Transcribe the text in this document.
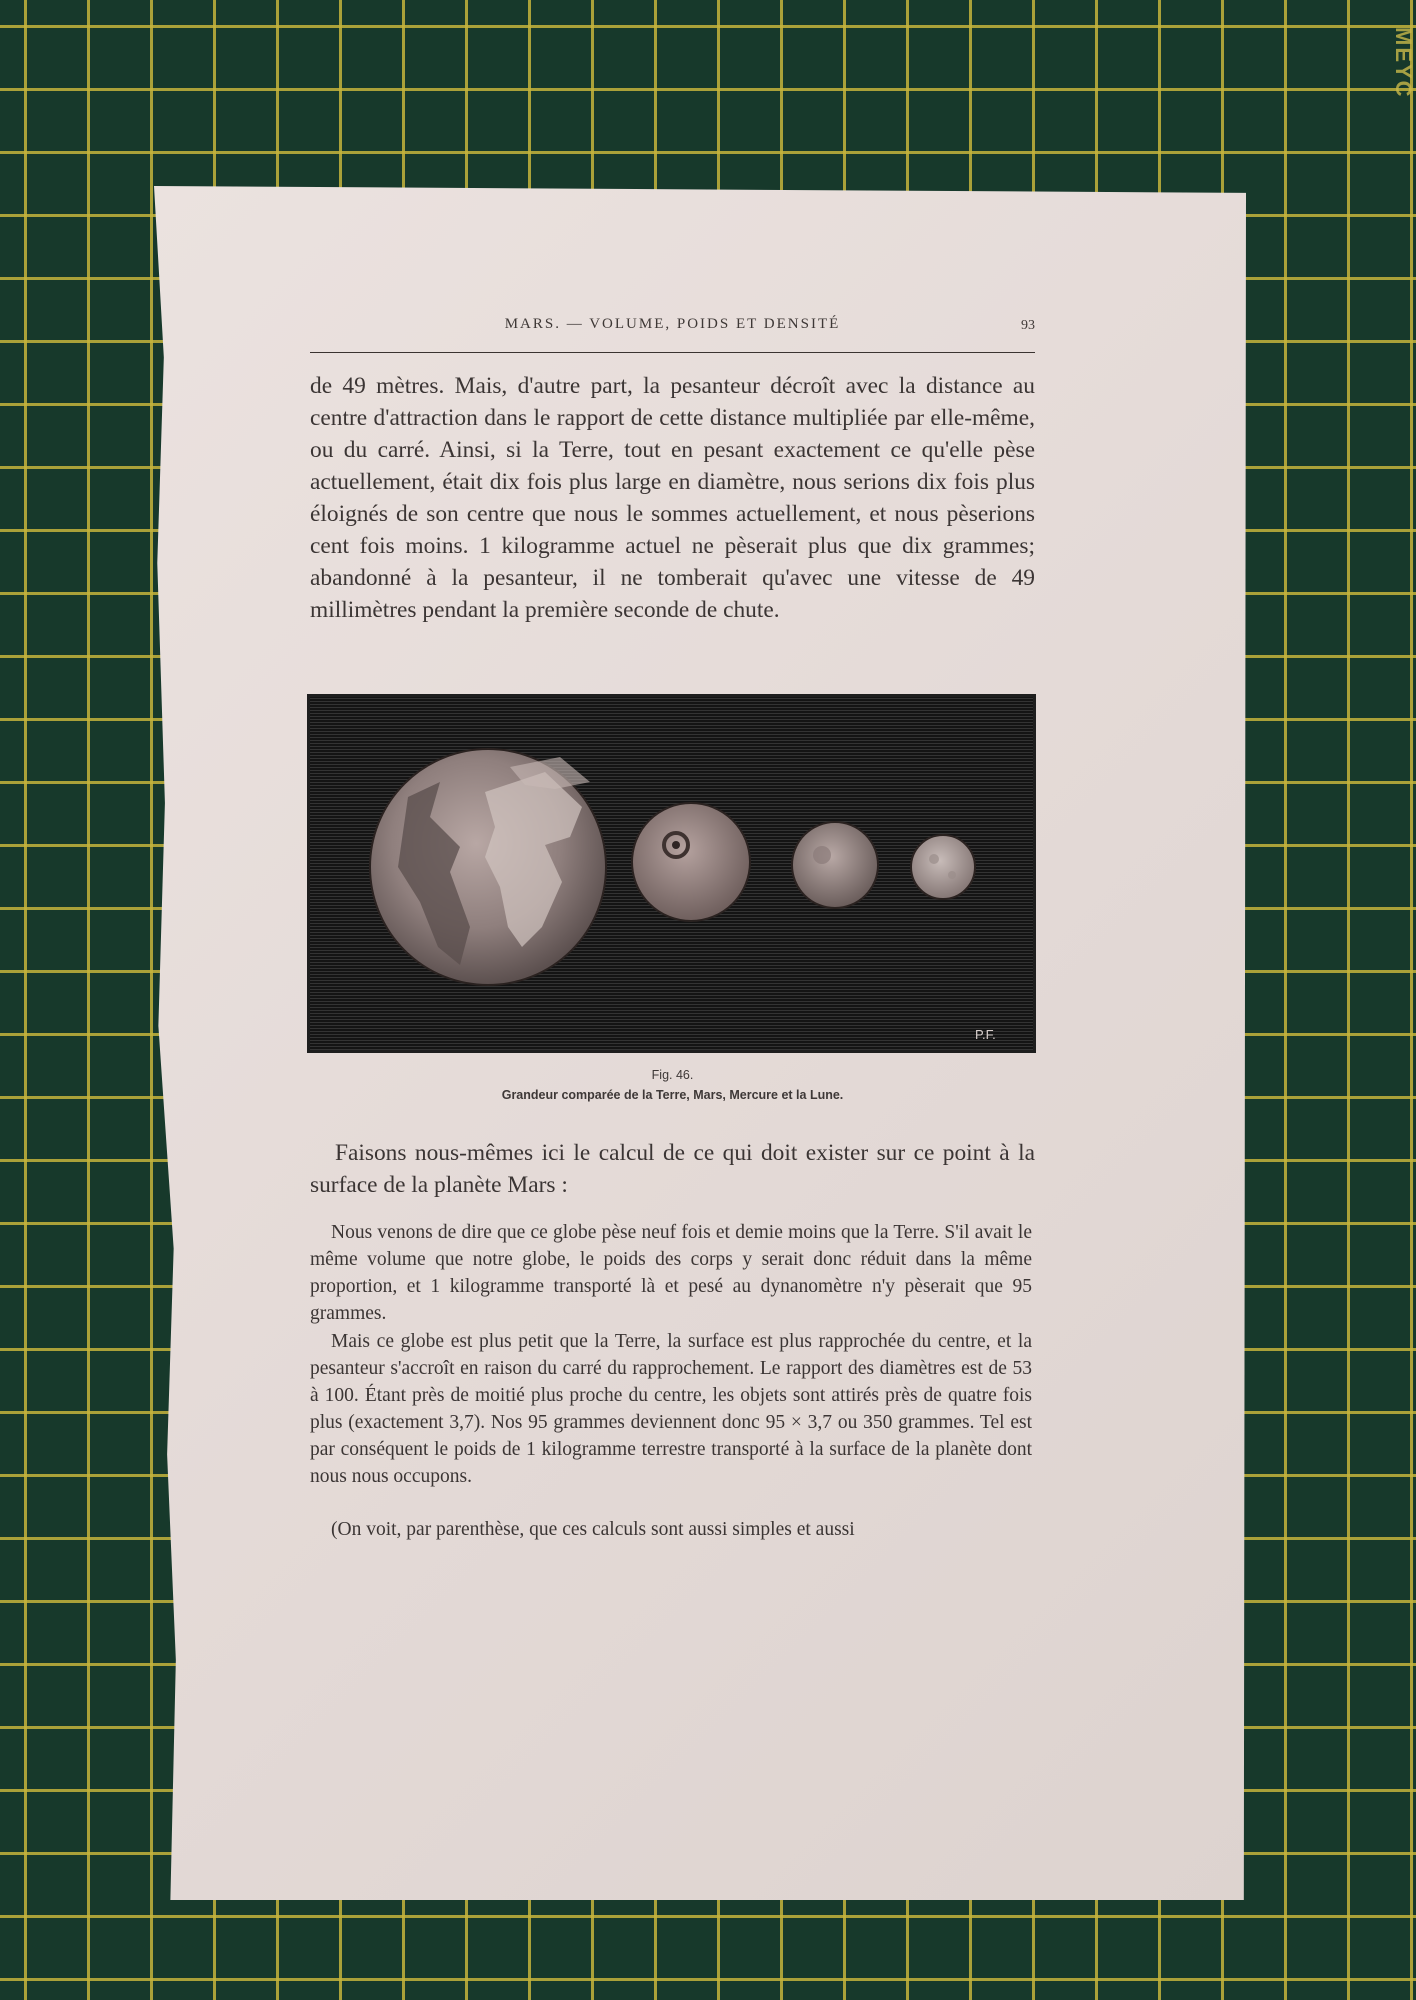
MEYC
MARS. — VOLUME, POIDS ET DENSITÉ	93

de 49 mètres. Mais, d'autre part, la pesanteur décroît avec la distance au centre d'attraction dans le rapport de cette distance multipliée par elle-même, ou du carré. Ainsi, si la Terre, tout en pesant exactement ce qu'elle pèse actuellement, était dix fois plus large en diamètre, nous serions dix fois plus éloignés de son centre que nous le sommes actuellement, et nous pèserions cent fois moins. 1 kilogramme actuel ne pèserait plus que dix grammes; abandonné à la pesanteur, il ne tomberait qu'avec une vitesse de 49 millimètres pendant la première seconde de chute.

P.F.
Fig. 46.
Grandeur comparée de la Terre, Mars, Mercure et la Lune.

Faisons nous-mêmes ici le calcul de ce qui doit exister sur ce point à la surface de la planète Mars :

Nous venons de dire que ce globe pèse neuf fois et demie moins que la Terre. S'il avait le même volume que notre globe, le poids des corps y serait donc réduit dans la même proportion, et 1 kilogramme transporté là et pesé au dynanomètre n'y pèserait que 95 grammes.

Mais ce globe est plus petit que la Terre, la surface est plus rapprochée du centre, et la pesanteur s'accroît en raison du carré du rapprochement. Le rapport des diamètres est de 53 à 100. Étant près de moitié plus proche du centre, les objets sont attirés près de quatre fois plus (exactement 3,7). Nos 95 grammes deviennent donc 95 × 3,7 ou 350 grammes. Tel est par conséquent le poids de 1 kilogramme terrestre transporté à la surface de la planète dont nous nous occupons.

(On voit, par parenthèse, que ces calculs sont aussi simples et aussi
